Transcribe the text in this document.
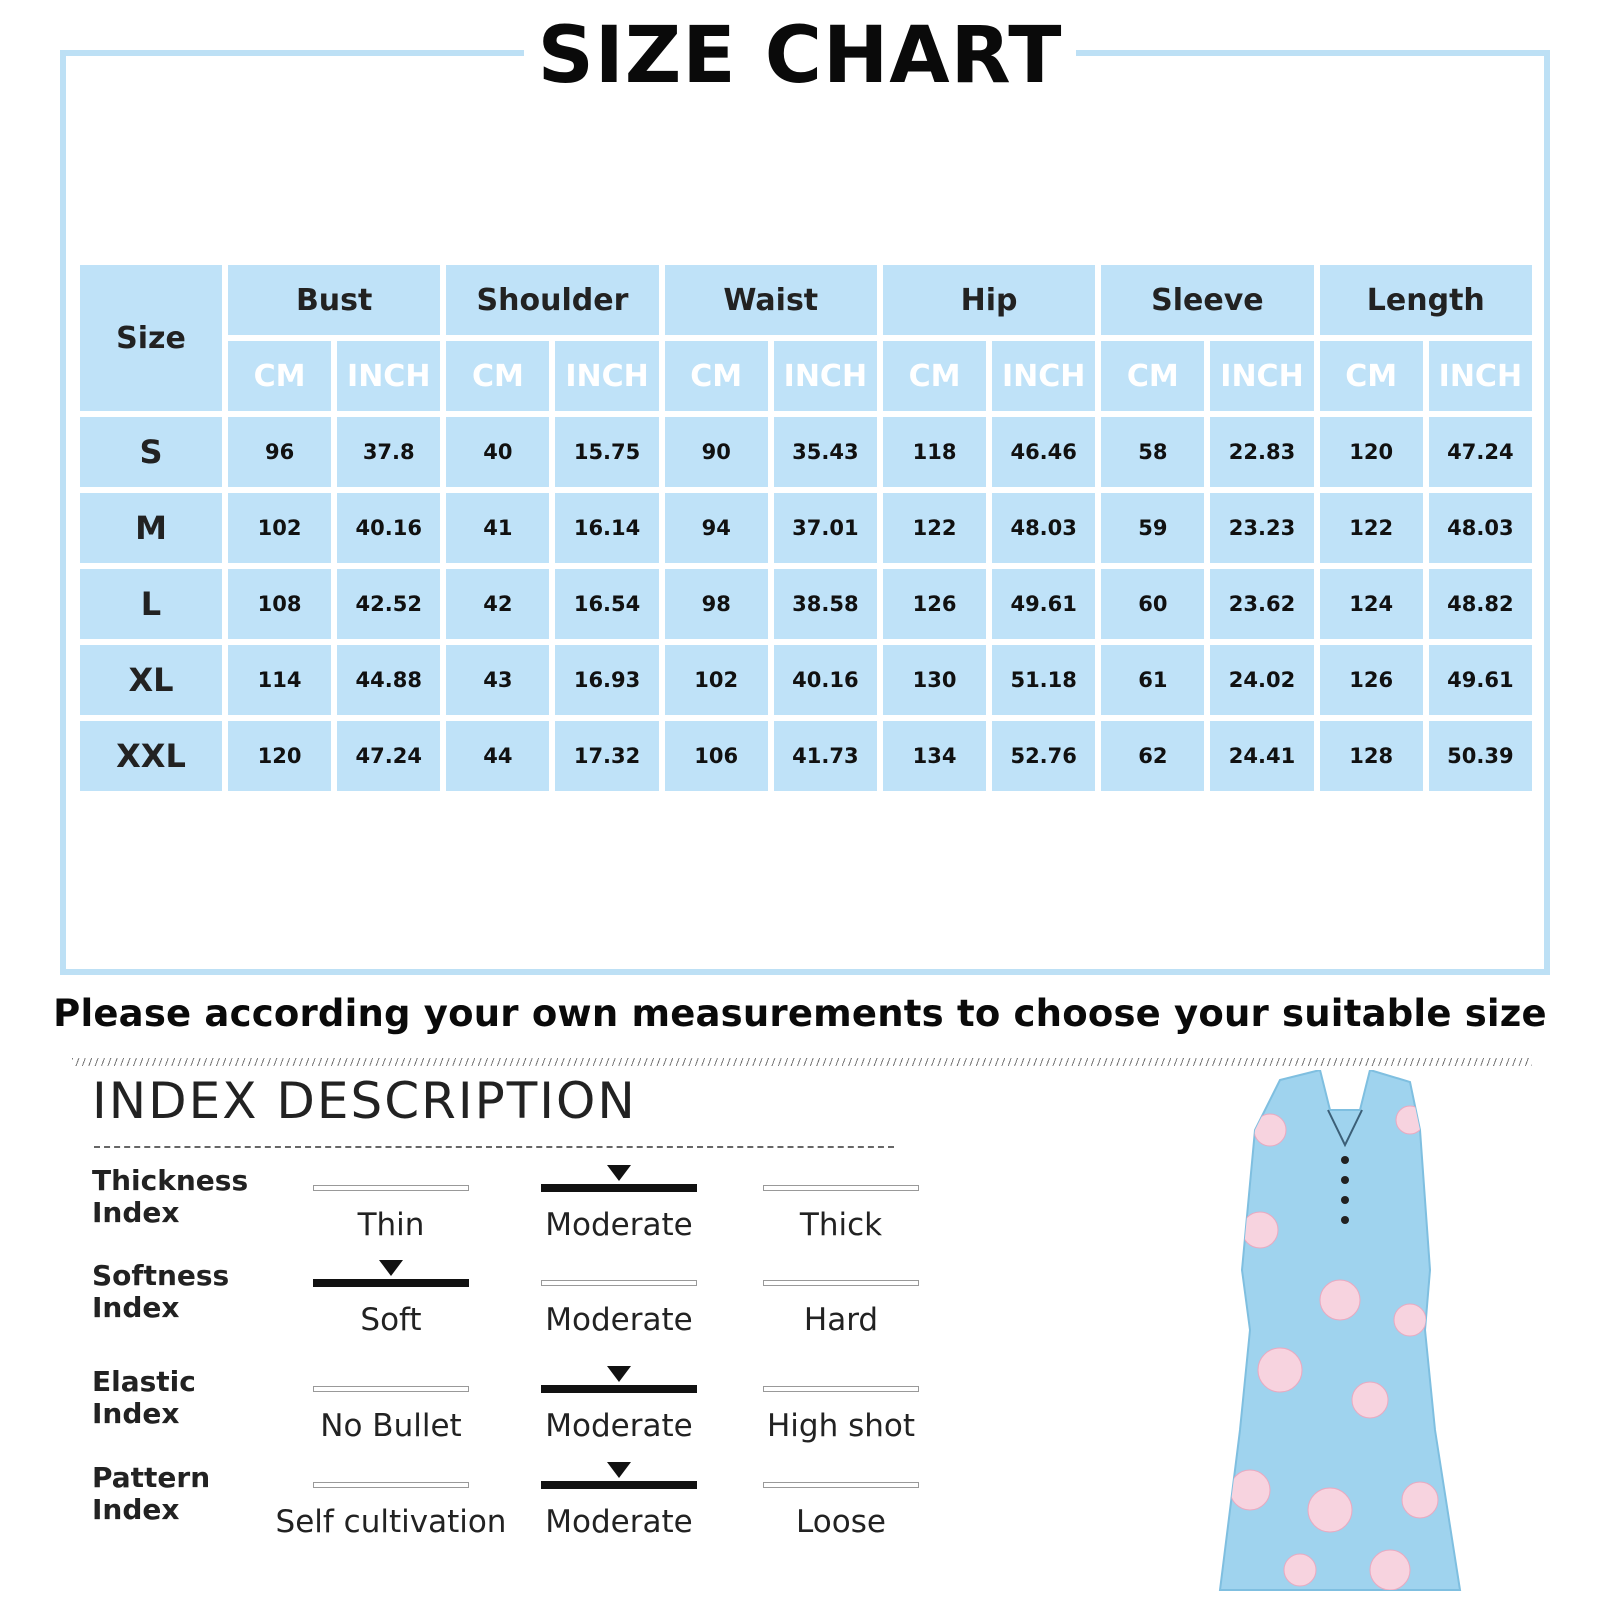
SIZE CHART
Size	Bust		Shoulder		Waist		Hip		Sleeve		Length	
	CM	INCH	CM	INCH	CM	INCH	CM	INCH	CM	INCH	CM	INCH
S	96	37.8	40	15.75	90	35.43	118	46.46	58	22.83	120	47.24
M	102	40.16	41	16.14	94	37.01	122	48.03	59	23.23	122	48.03
L	108	42.52	42	16.54	98	38.58	126	49.61	60	23.62	124	48.82
XL	114	44.88	43	16.93	102	40.16	130	51.18	61	24.02	126	49.61
XXL	120	47.24	44	17.32	106	41.73	134	52.76	62	24.41	128	50.39
Please according your own measurements to choose your suitable size
INDEX DESCRIPTION
Thickness
Index	Thin	Moderate	Thick
Softness
Index	Soft	Moderate	Hard
Elastic
Index	No Bullet	Moderate	High shot
Pattern
Index	Self cultivation	Moderate	Loose
